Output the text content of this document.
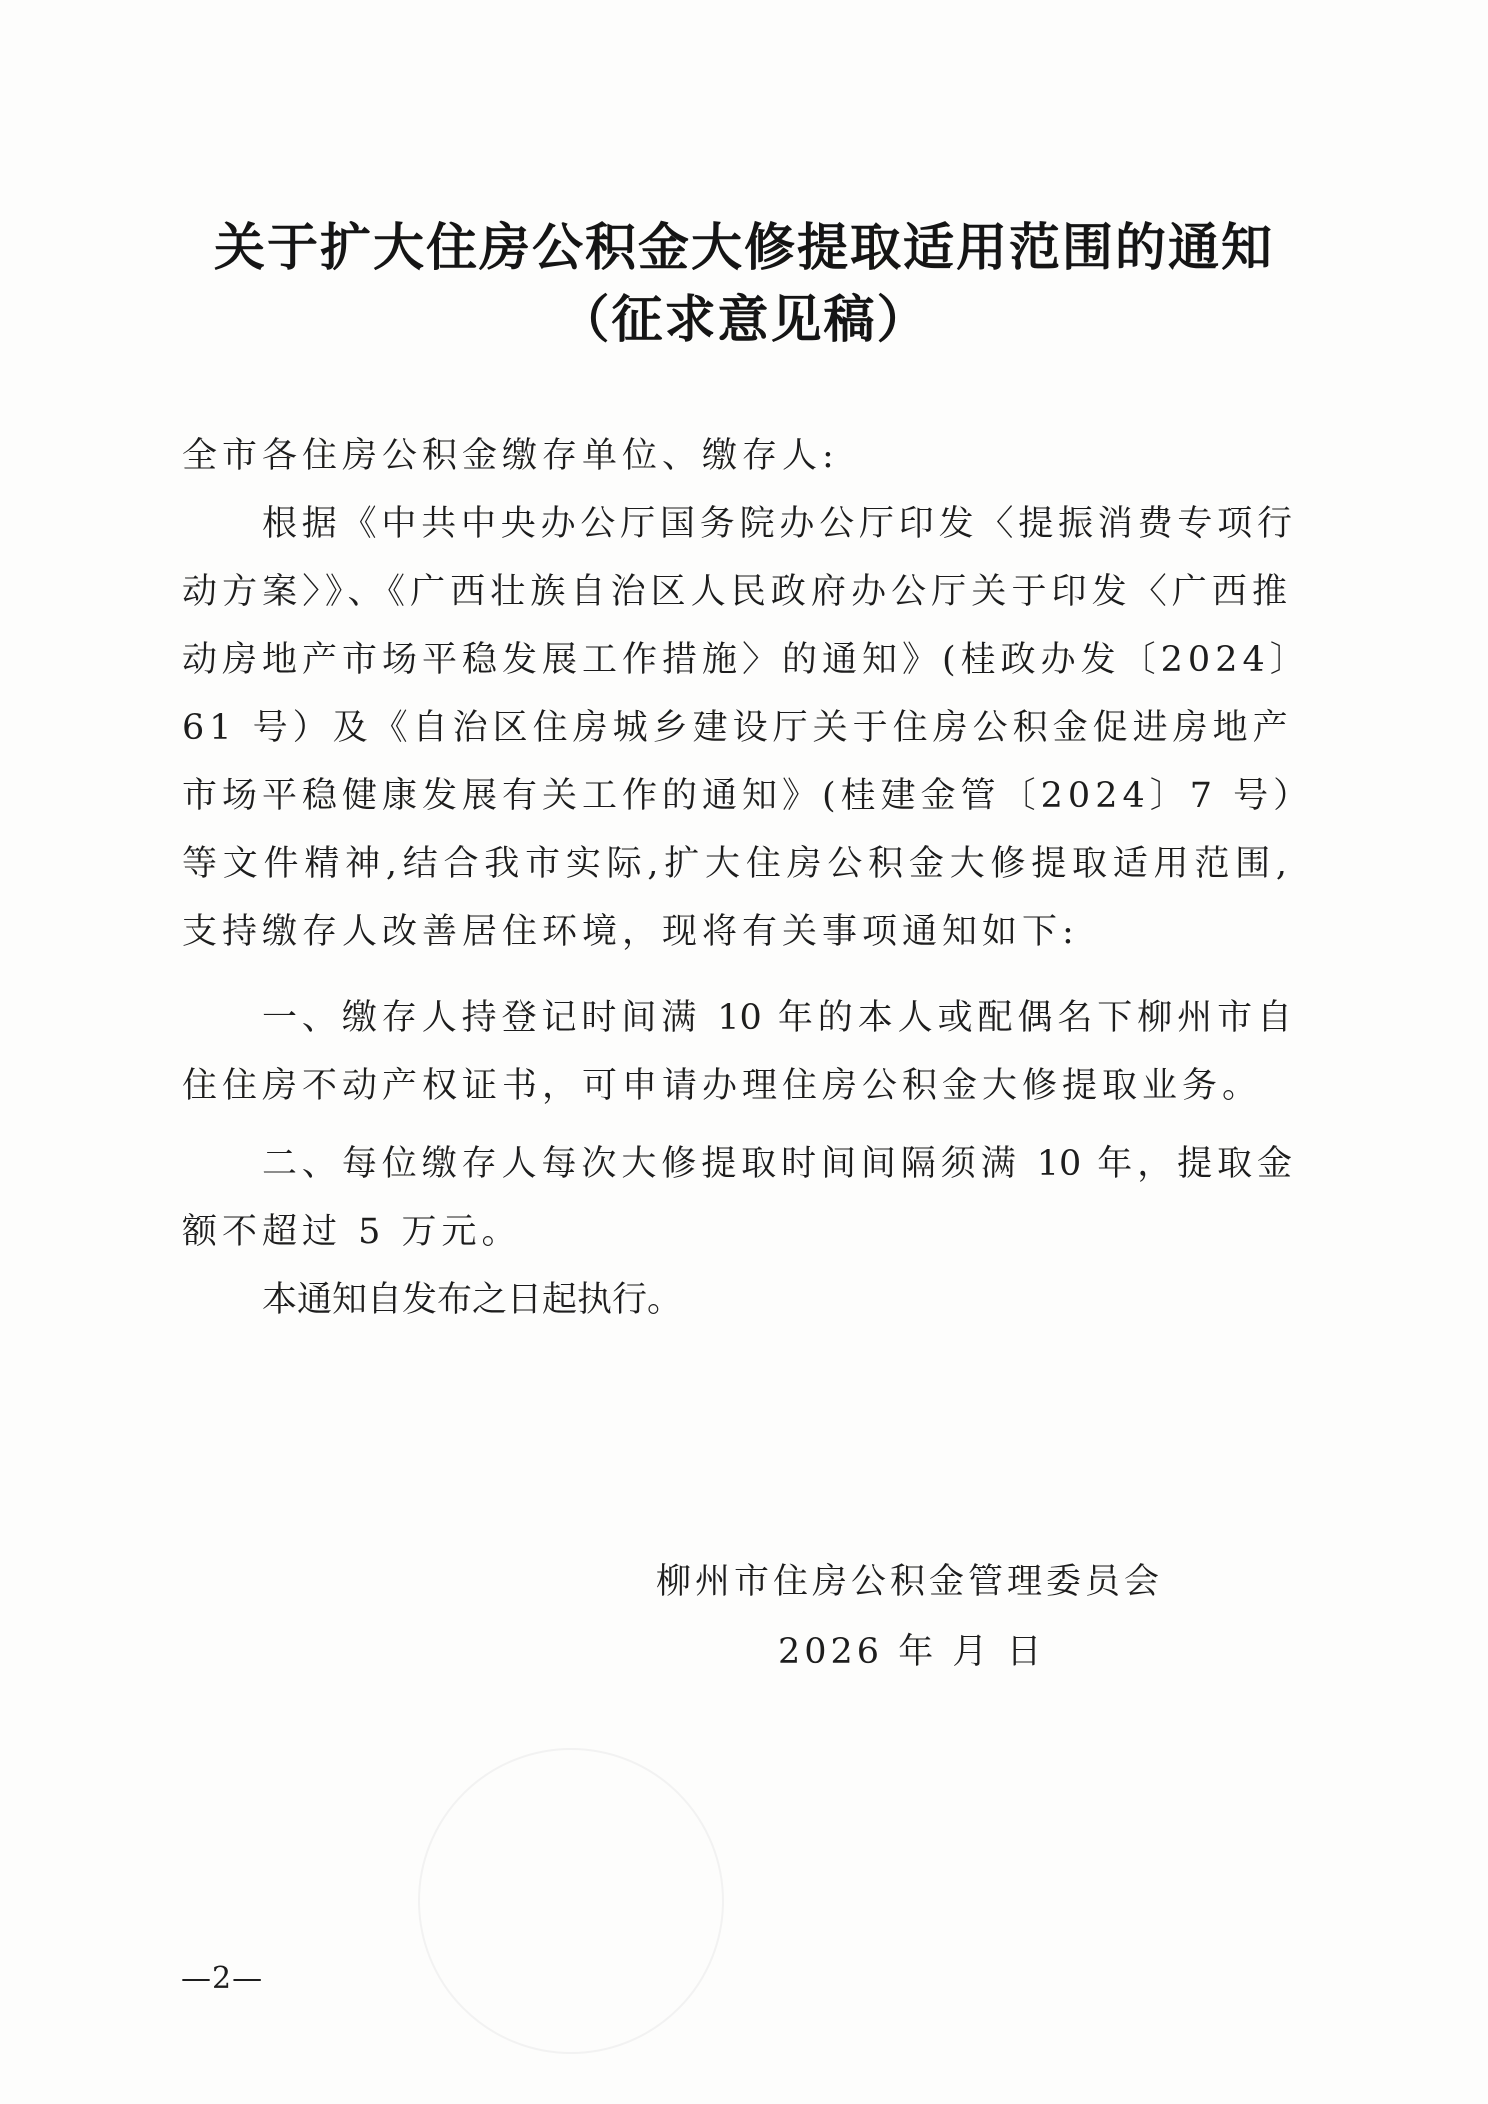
关于扩大住房公积金大修提取适用范围的通知
（征求意见稿）
全市各住房公积金缴存单位、缴存人:
根据《中共中央办公厅国务院办公厅印发〈提振消费专项行
动方案〉》、《广西壮族自治区人民政府办公厅关于印发〈广西推
动房地产市场平稳发展工作措施〉的通知》(桂政办发〔2024〕
61 号）及《自治区住房城乡建设厅关于住房公积金促进房地产
市场平稳健康发展有关工作的通知》(桂建金管〔2024〕7 号）
等文件精神,结合我市实际,扩大住房公积金大修提取适用范围,
支持缴存人改善居住环境，现将有关事项通知如下:
一、缴存人持登记时间满 10 年的本人或配偶名下柳州市自
住住房不动产权证书，可申请办理住房公积金大修提取业务。
二、每位缴存人每次大修提取时间间隔须满 10 年，提取金
额不超过 5 万元。
本通知自发布之日起执行。
柳州市住房公积金管理委员会
2026 年 月 日
—2—
